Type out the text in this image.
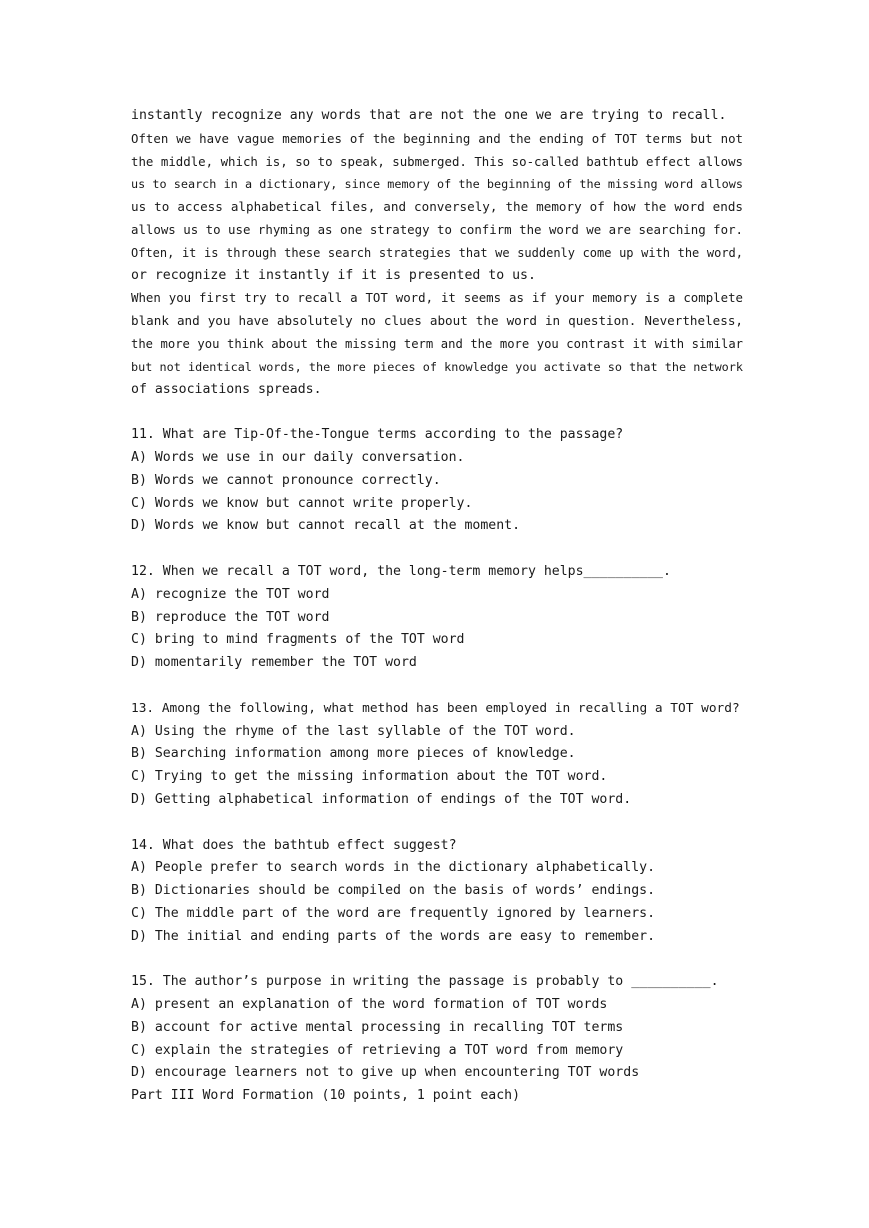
instantly recognize any words that are not the one we are trying to recall.
Often we have vague memories of the beginning and the ending of TOT terms but not
the middle, which is, so to speak, submerged. This so-called bathtub effect allows
us to search in a dictionary, since memory of the beginning of the missing word allows
us to access alphabetical files, and conversely, the memory of how the word ends
allows us to use rhyming as one strategy to confirm the word we are searching for.
Often, it is through these search strategies that we suddenly come up with the word,
or recognize it instantly if it is presented to us.
When you first try to recall a TOT word, it seems as if your memory is a complete
blank and you have absolutely no clues about the word in question. Nevertheless,
the more you think about the missing term and the more you contrast it with similar
but not identical words, the more pieces of knowledge you activate so that the network
of associations spreads.
11. What are Tip-Of-the-Tongue terms according to the passage?
A) Words we use in our daily conversation.
B) Words we cannot pronounce correctly.
C) Words we know but cannot write properly.
D) Words we know but cannot recall at the moment.
12. When we recall a TOT word, the long-term memory helps__________.
A) recognize the TOT word
B) reproduce the TOT word
C) bring to mind fragments of the TOT word
D) momentarily remember the TOT word
13. Among the following, what method has been employed in recalling a TOT word?
A) Using the rhyme of the last syllable of the TOT word.
B) Searching information among more pieces of knowledge.
C) Trying to get the missing information about the TOT word.
D) Getting alphabetical information of endings of the TOT word.
14. What does the bathtub effect suggest?
A) People prefer to search words in the dictionary alphabetically.
B) Dictionaries should be compiled on the basis of words’ endings.
C) The middle part of the word are frequently ignored by learners.
D) The initial and ending parts of the words are easy to remember.
15. The author’s purpose in writing the passage is probably to __________.
A) present an explanation of the word formation of TOT words
B) account for active mental processing in recalling TOT terms
C) explain the strategies of retrieving a TOT word from memory
D) encourage learners not to give up when encountering TOT words
Part III Word Formation (10 points, 1 point each)
